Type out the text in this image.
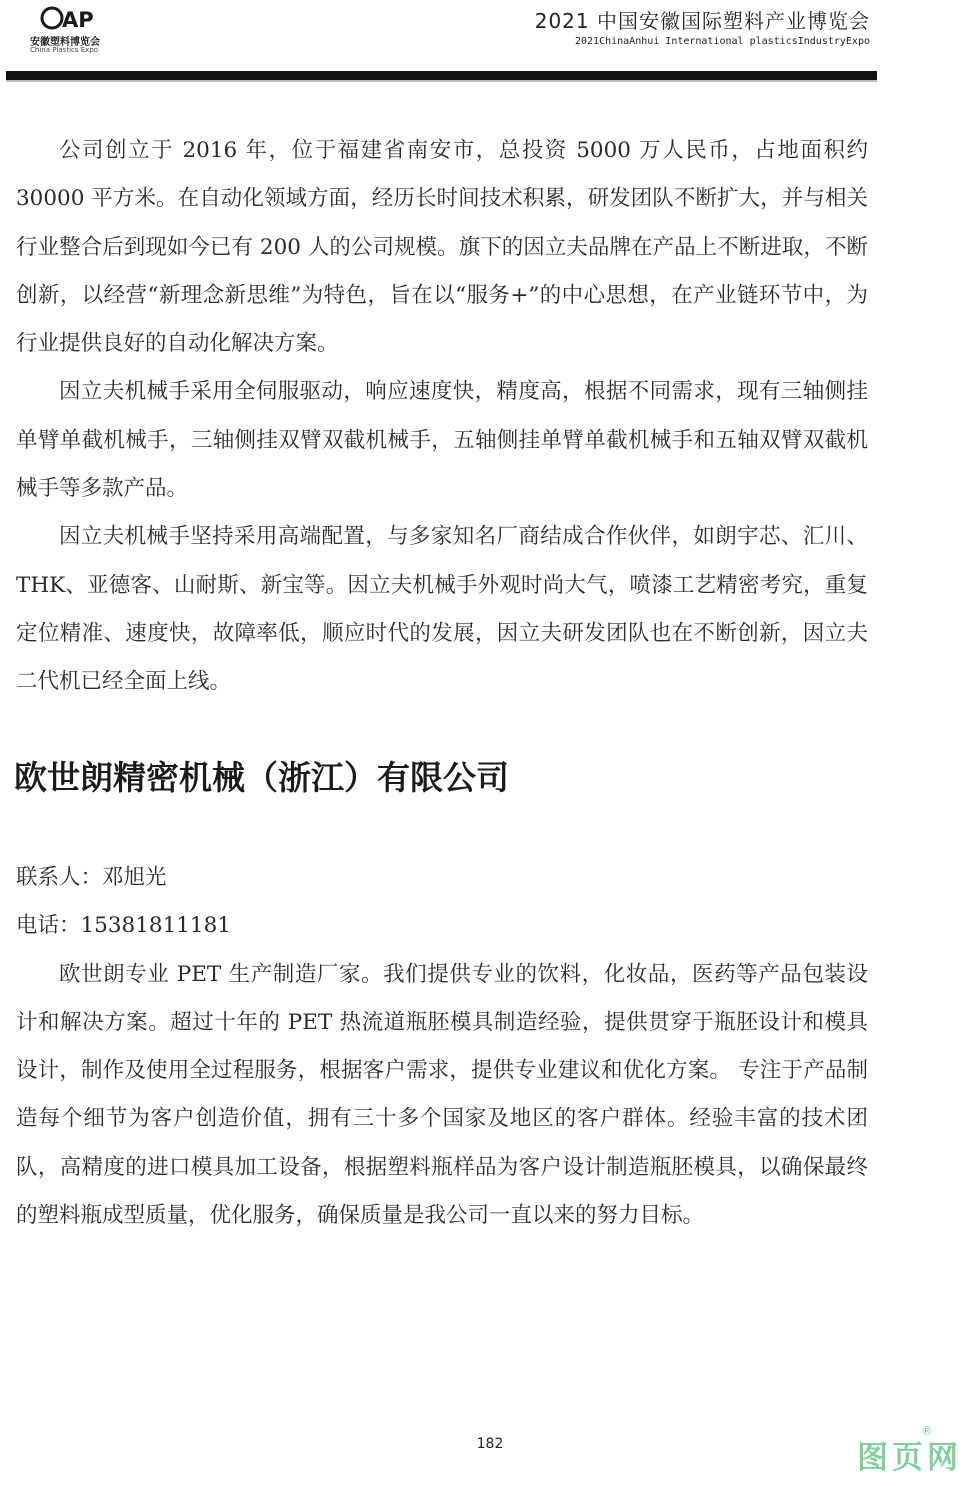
AP
安徽塑料博览会
China Plastics Expo
2021 中国安徽国际塑料产业博览会
2021ChinaAnhui International plasticsIndustryExpo

公司创立于 2016 年，位于福建省南安市，总投资 5000 万人民币，占地面积约 30000 平方米。在自动化领域方面，经历长时间技术积累，研发团队不断扩大，并与相关行业整合后到现如今已有 200 人的公司规模。旗下的因立夫品牌在产品上不断进取，不断创新，以经营“新理念新思维”为特色，旨在以“服务+”的中心思想，在产业链环节中，为行业提供良好的自动化解决方案。

因立夫机械手采用全伺服驱动，响应速度快，精度高，根据不同需求，现有三轴侧挂单臂单截机械手，三轴侧挂双臂双截机械手，五轴侧挂单臂单截机械手和五轴双臂双截机械手等多款产品。

因立夫机械手坚持采用高端配置，与多家知名厂商结成合作伙伴，如朗宇芯、汇川、THK、亚德客、山耐斯、新宝等。因立夫机械手外观时尚大气，喷漆工艺精密考究，重复定位精准、速度快，故障率低，顺应时代的发展，因立夫研发团队也在不断创新，因立夫二代机已经全面上线。

欧世朗精密机械（浙江）有限公司

联系人：邓旭光

电话：15381811181

欧世朗专业 PET 生产制造厂家。我们提供专业的饮料，化妆品，医药等产品包装设计和解决方案。超过十年的 PET 热流道瓶胚模具制造经验，提供贯穿于瓶胚设计和模具设计，制作及使用全过程服务，根据客户需求，提供专业建议和优化方案。 专注于产品制造每个细节为客户创造价值，拥有三十多个国家及地区的客户群体。经验丰富的技术团队，高精度的进口模具加工设备，根据塑料瓶样品为客户设计制造瓶胚模具，以确保最终的塑料瓶成型质量，优化服务，确保质量是我公司一直以来的努力目标。

182	图页网
®
